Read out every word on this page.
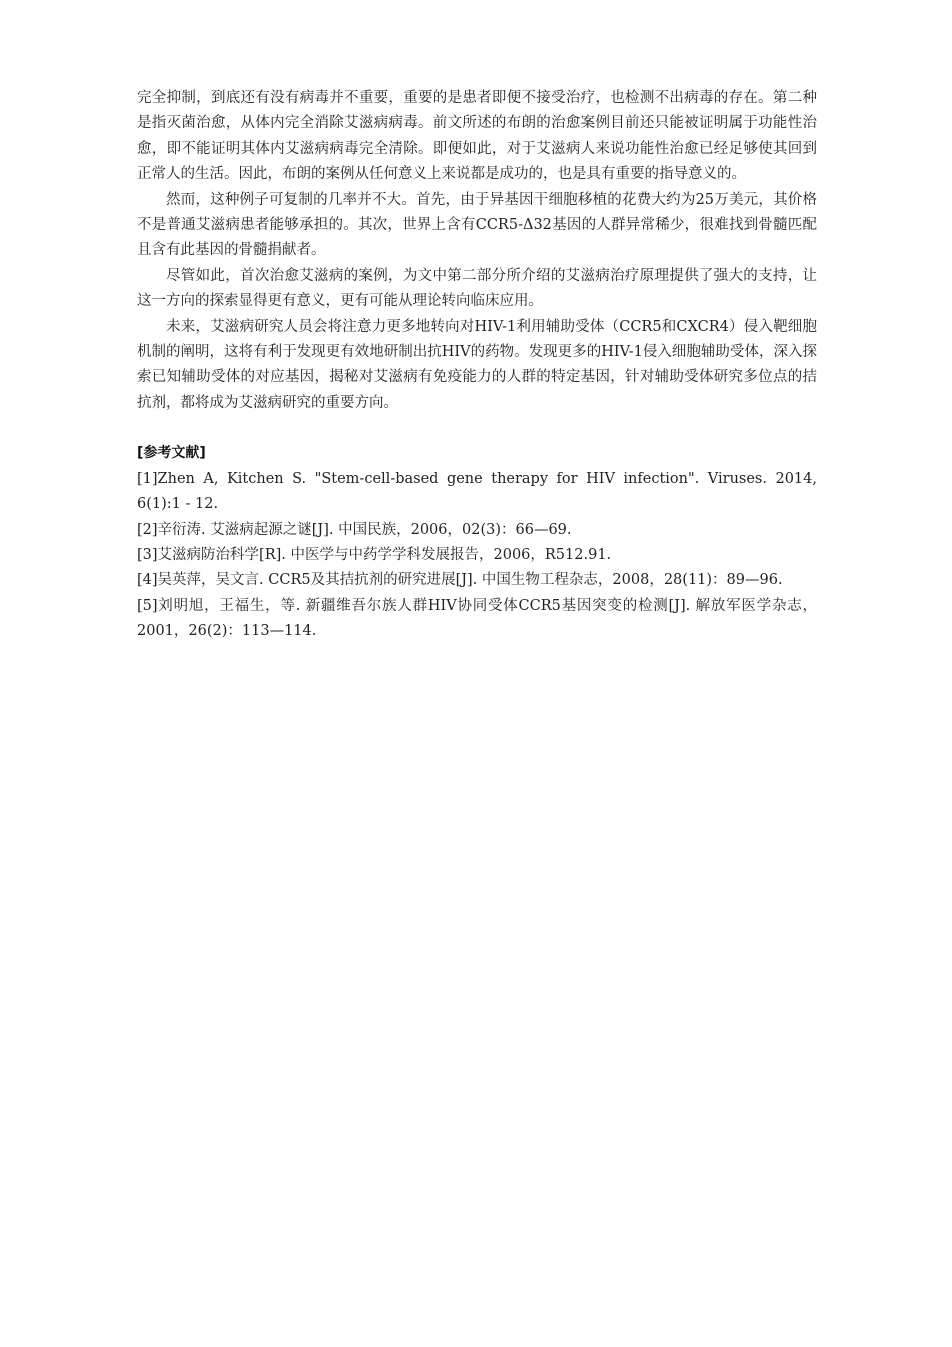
完全抑制，到底还有没有病毒并不重要，重要的是患者即便不接受治疗，也检测不出病毒的存在。第二种是指灭菌治愈，从体内完全消除艾滋病病毒。前文所述的布朗的治愈案例目前还只能被证明属于功能性治愈，即不能证明其体内艾滋病病毒完全清除。即便如此，对于艾滋病人来说功能性治愈已经足够使其回到正常人的生活。因此，布朗的案例从任何意义上来说都是成功的，也是具有重要的指导意义的。

然而，这种例子可复制的几率并不大。首先，由于异基因干细胞移植的花费大约为25万美元，其价格不是普通艾滋病患者能够承担的。其次，世界上含有CCR5-Δ32基因的人群异常稀少，很难找到骨髓匹配且含有此基因的骨髓捐献者。

尽管如此，首次治愈艾滋病的案例，为文中第二部分所介绍的艾滋病治疗原理提供了强大的支持，让这一方向的探索显得更有意义，更有可能从理论转向临床应用。

未来，艾滋病研究人员会将注意力更多地转向对HIV-1利用辅助受体（CCR5和CXCR4）侵入靶细胞机制的阐明，这将有利于发现更有效地研制出抗HIV的药物。发现更多的HIV-1侵入细胞辅助受体，深入探索已知辅助受体的对应基因，揭秘对艾滋病有免疫能力的人群的特定基因，针对辅助受体研究多位点的拮抗剂，都将成为艾滋病研究的重要方向。

[参考文献]

[1]Zhen A, Kitchen S. "Stem-cell-based gene therapy for HIV infection". Viruses. 2014, 6(1):1 - 12.

[2]辛衍涛. 艾滋病起源之谜[J]. 中国民族，2006，02(3)：66—69.

[3]艾滋病防治科学[R]. 中医学与中药学学科发展报告，2006，R512.91.

[4]吴英萍，吴文言. CCR5及其拮抗剂的研究进展[J]. 中国生物工程杂志，2008，28(11)：89—96.

[5]刘明旭，王福生，等. 新疆维吾尔族人群HIV协同受体CCR5基因突变的检测[J]. 解放军医学杂志，2001，26(2)：113—114.
